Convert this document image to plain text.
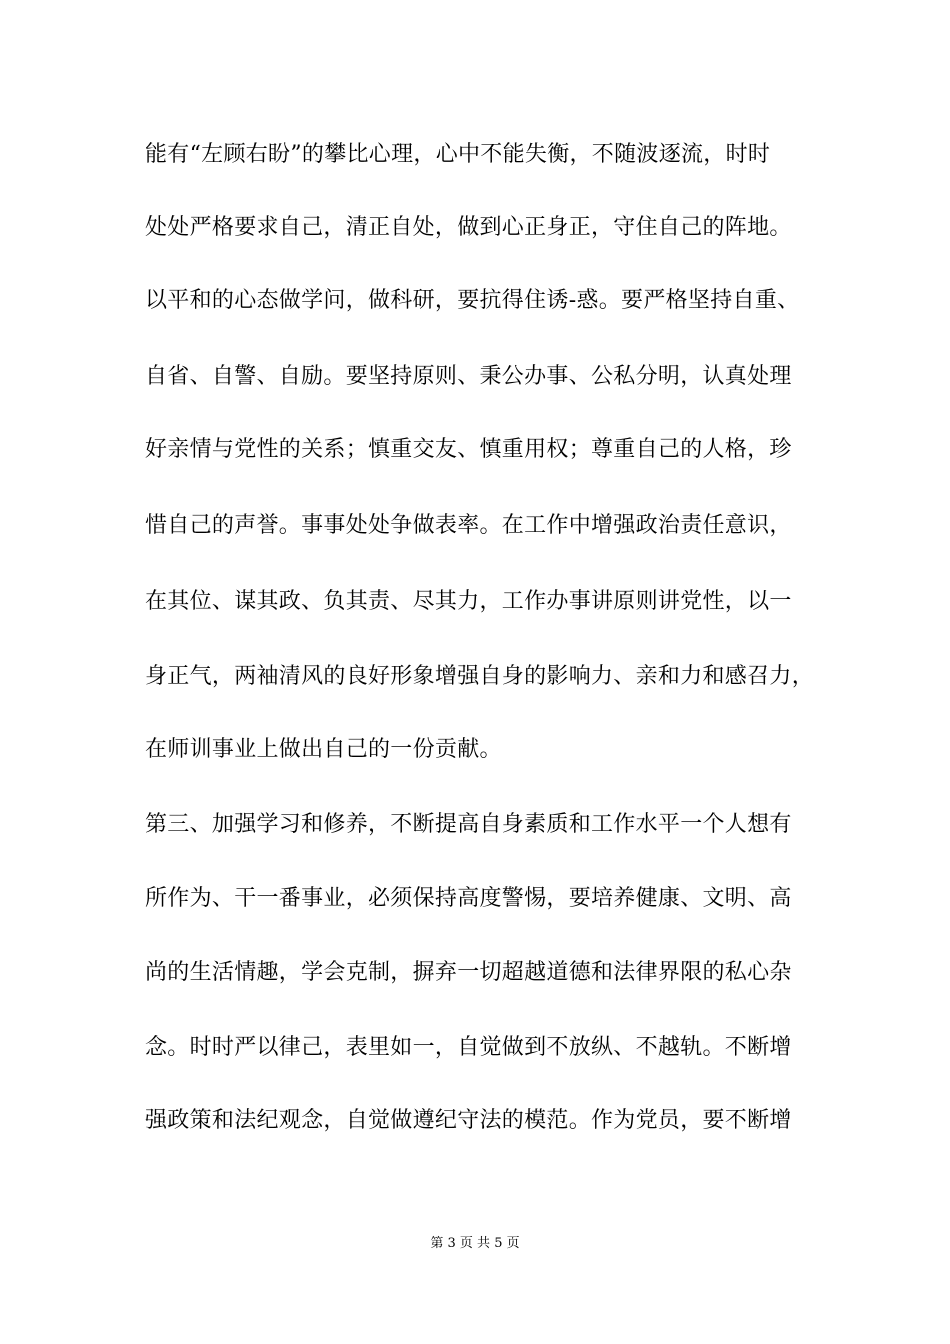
能有“左顾右盼”的攀比心理，心中不能失衡，不随波逐流，时时
处处严格要求自己，清正自处，做到心正身正，守住自己的阵地。
以平和的心态做学问，做科研，要抗得住诱-惑。要严格坚持自重、
自省、自警、自励。要坚持原则、秉公办事、公私分明，认真处理
好亲情与党性的关系；慎重交友、慎重用权；尊重自己的人格，珍
惜自己的声誉。事事处处争做表率。在工作中增强政治责任意识，
在其位、谋其政、负其责、尽其力，工作办事讲原则讲党性，以一
身正气，两袖清风的良好形象增强自身的影响力、亲和力和感召力，
在师训事业上做出自己的一份贡献。
第三、加强学习和修养，不断提高自身素质和工作水平一个人想有
所作为、干一番事业，必须保持高度警惕，要培养健康、文明、高
尚的生活情趣，学会克制，摒弃一切超越道德和法律界限的私心杂
念。时时严以律己，表里如一，自觉做到不放纵、不越轨。不断增
强政策和法纪观念，自觉做遵纪守法的模范。作为党员，要不断增
第 3 页 共 5 页
